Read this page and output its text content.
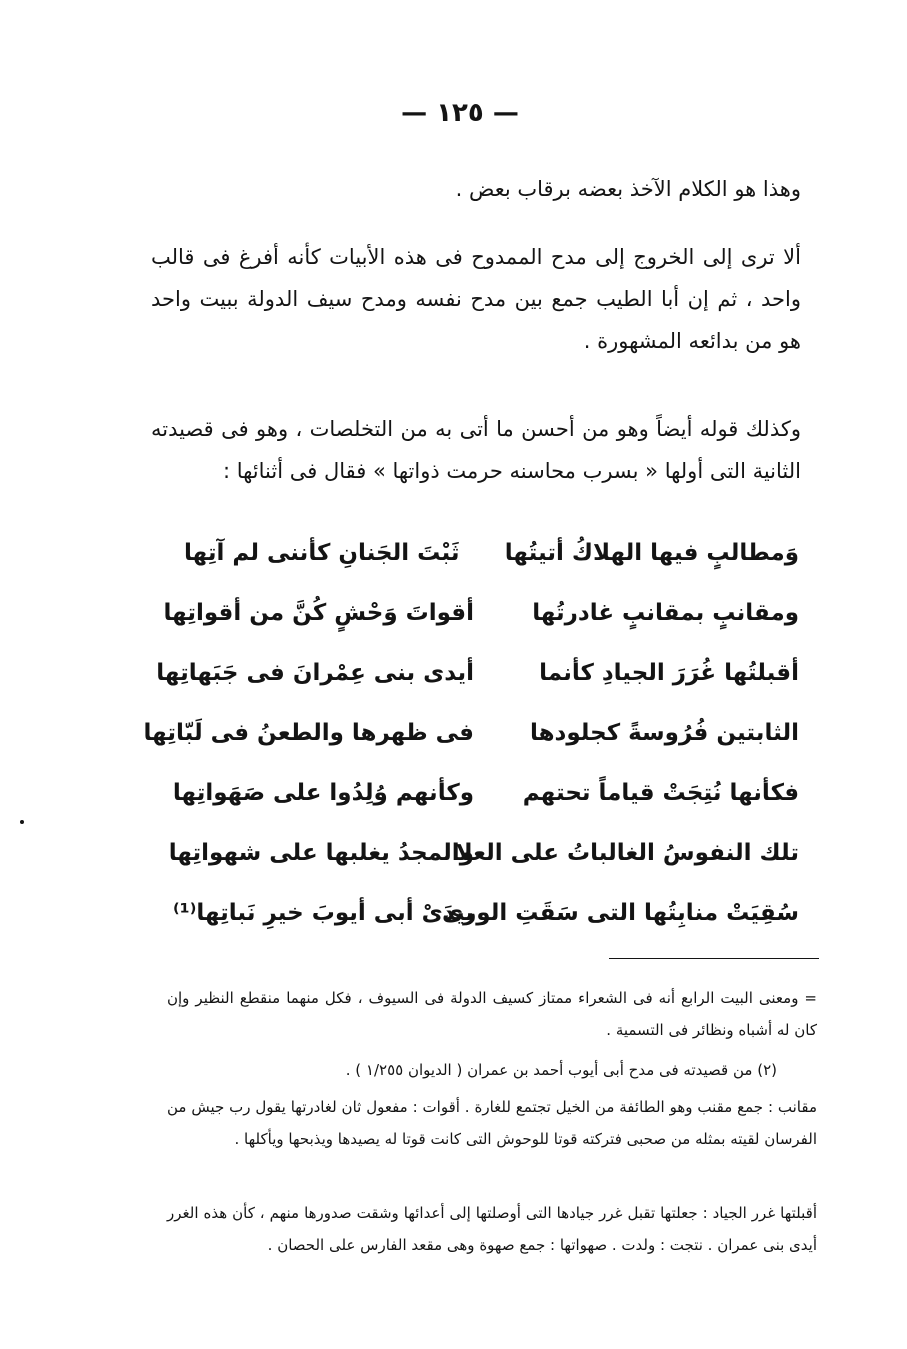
— ١٢٥ —

وهذا هو الكلام الآخذ بعضه برقاب بعض .

ألا ترى إلى الخروج إلى مدح الممدوح فى هذه الأبيات كأنه أفرغ فى قالب واحد ، ثم إن أبا الطيب جمع بين مدح نفسه ومدح سيف الدولة ببيت واحد هو من بدائعه المشهورة .

وكذلك قوله أيضاً وهو من أحسن ما أتى به من التخلصات ، وهو فى قصيدته الثانية التى أولها « بسرب محاسنه حرمت ذواتها » فقال فى أثنائها :

وَمطالبٍ فيها الهلاكُ أتيتُها
ثَبْتَ الجَنانِ كأننى لم آتِها
ومقانبٍ بمقانبٍ غادرتُها
أقواتَ وَحْشٍ كُنَّ من أقواتِها
أقبلتُها غُرَرَ الجيادِ كأنما
أيدى بنى عِمْرانَ فى جَبَهاتِها
الثابتين فُرُوسةً كجلودها
فى ظهرها والطعنُ فى لَبّاتِها
فكأنها نُتِجَتْ قياماً تحتهم
وكأنهم وُلِدُوا على صَهَواتِها
تلك النفوسُ الغالباتُ على العلا
والمجدُ يغلبها على شهواتِها
سُقِيَتْ منابِتُها التى سَقَتِ الورى
بيدَىْ أبى أيوبَ خيرِ نَباتِها⁽¹⁾

= ومعنى البيت الرابع أنه فى الشعراء ممتاز كسيف الدولة فى السيوف ، فكل منهما منقطع النظير وإن كان له أشباه ونظائر فى التسمية .

(٢) من قصيدته فى مدح أبى أيوب أحمد بن عمران ( الديوان ١/٢٥٥ ) .

مقانب : جمع مقنب وهو الطائفة من الخيل تجتمع للغارة . أقوات : مفعول ثان لغادرتها يقول رب جيش من الفرسان لقيته بمثله من صحبى فتركته قوتا للوحوش التى كانت قوتا له يصيدها ويذبحها ويأكلها .

أقبلتها غرر الجياد : جعلتها تقبل غرر جيادها التى أوصلتها إلى أعدائها وشقت صدورها منهم ، كأن هذه الغرر أيدى بنى عمران . نتجت : ولدت . صهواتها : جمع صهوة وهى مقعد الفارس على الحصان .
